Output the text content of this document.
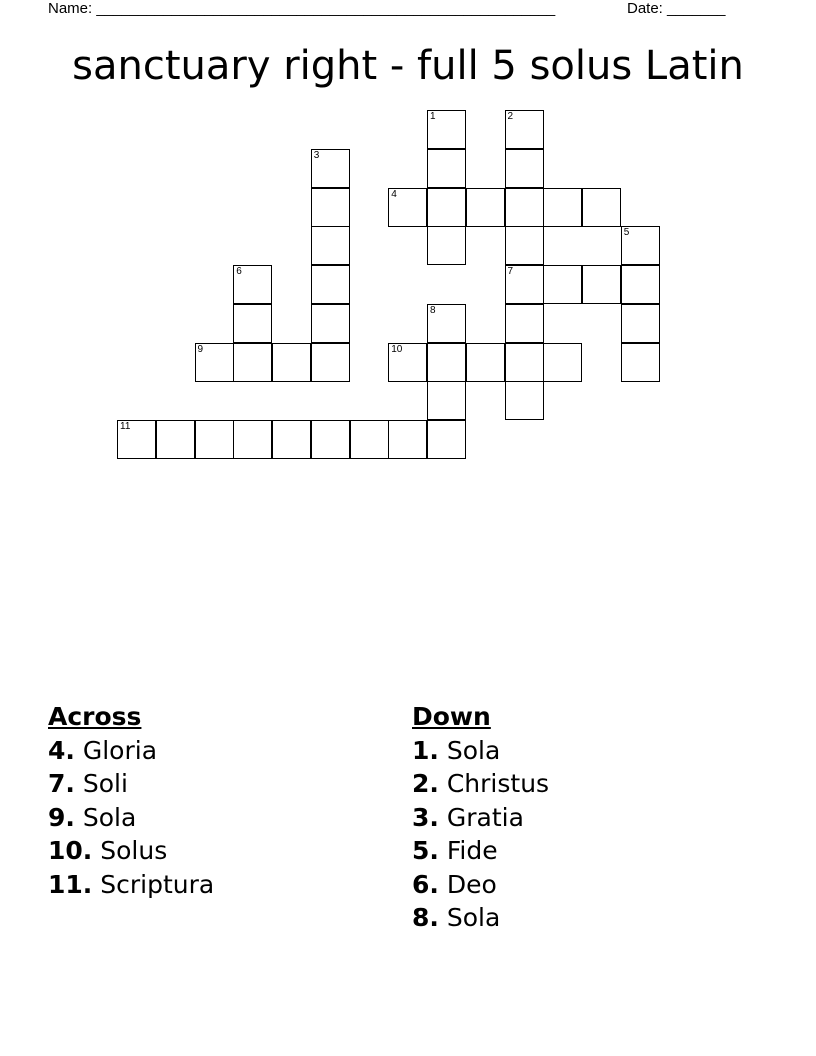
Name: _______________________________________________________	Date: _______
sanctuary right - full 5 solus Latin
1	2
3
4
5
6	7
8
9	10
11
Across
4. Gloria
7. Soli
9. Sola
10. Solus
11. Scriptura
Down
1. Sola
2. Christus
3. Gratia
5. Fide
6. Deo
8. Sola
